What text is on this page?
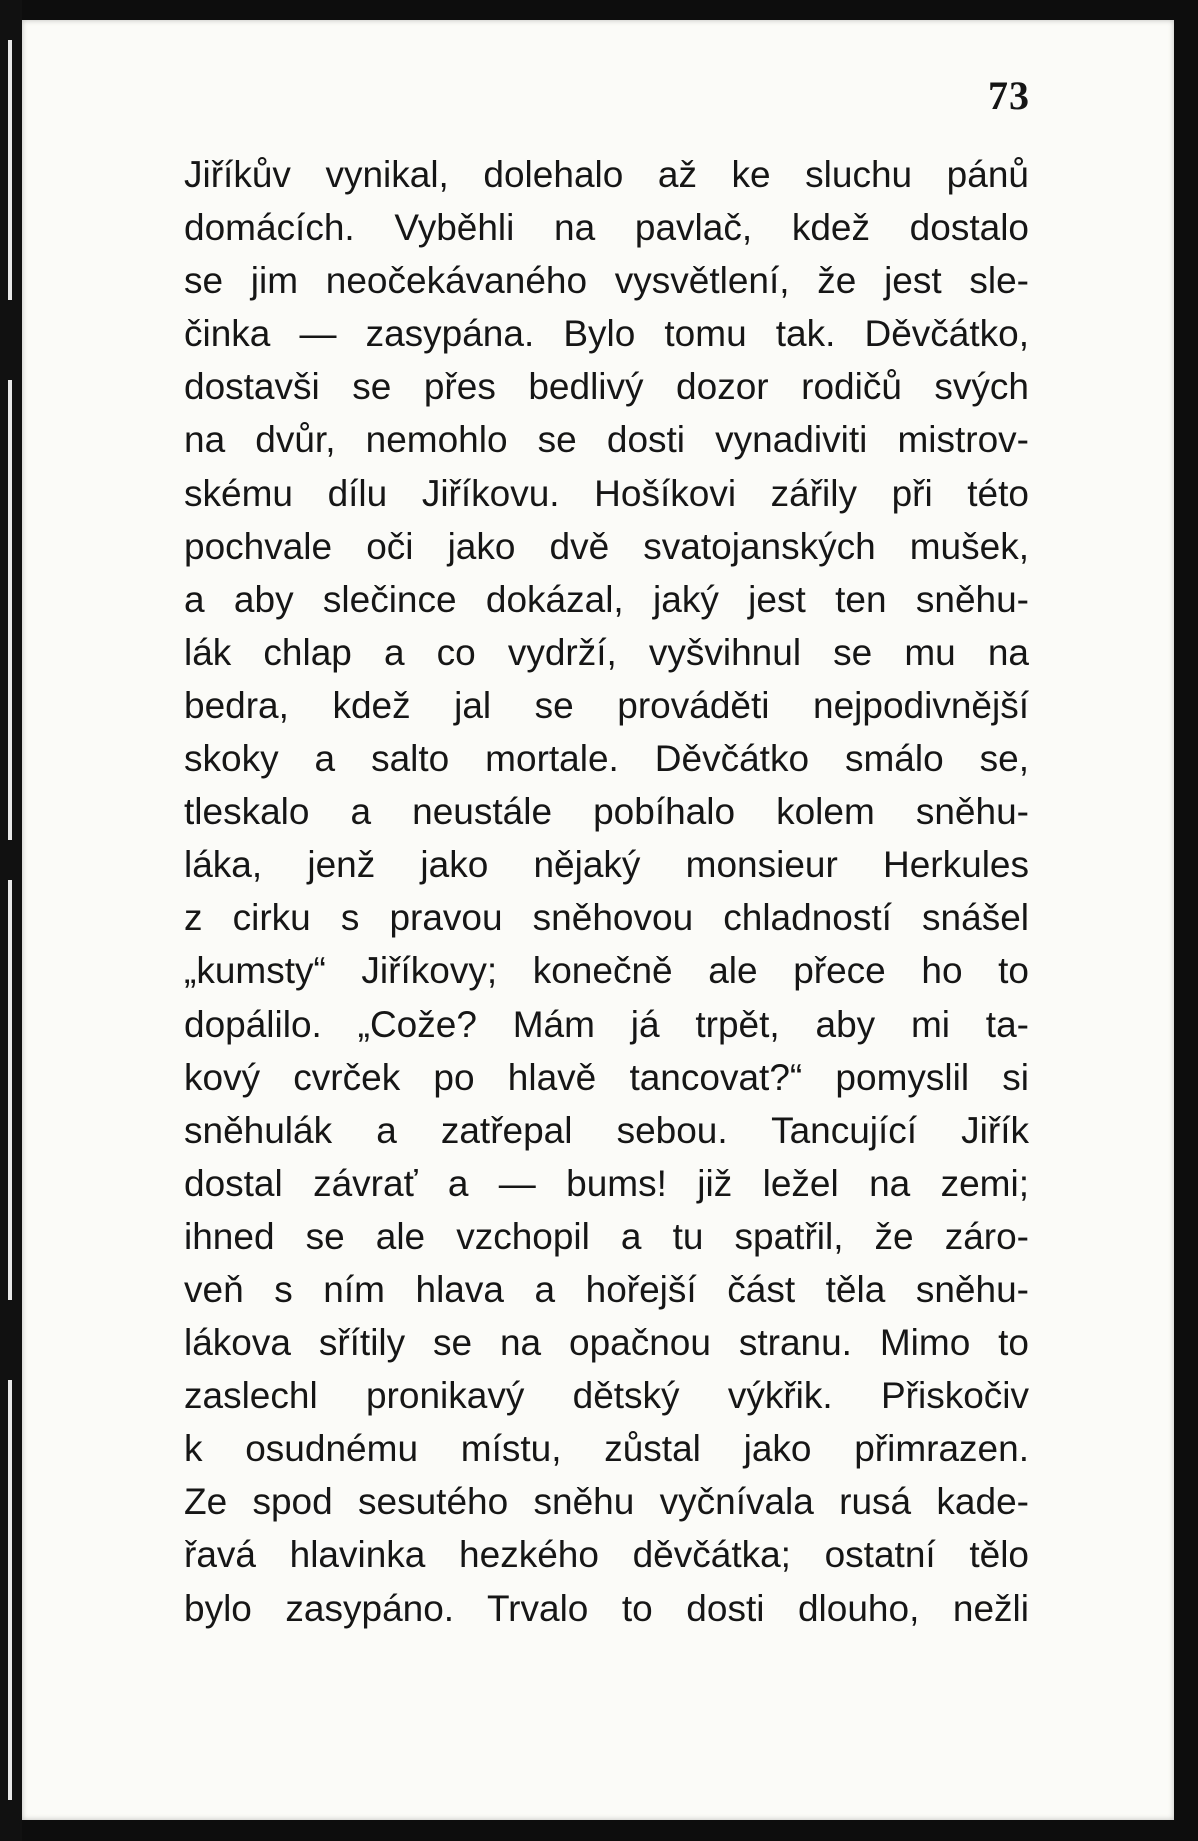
73
Jiříkův vynikal, dolehalo až ke sluchu pánů
domácích. Vyběhli na pavlač, kdež dostalo
se jim neočekávaného vysvětlení, že jest sle-
činka — zasypána. Bylo tomu tak. Děvčátko,
dostavši se přes bedlivý dozor rodičů svých
na dvůr, nemohlo se dosti vynadiviti mistrov-
skému dílu Jiříkovu. Hošíkovi zářily při této
pochvale oči jako dvě svatojanských mušek,
a aby slečince dokázal, jaký jest ten sněhu-
lák chlap a co vydrží, vyšvihnul se mu na
bedra, kdež jal se prováděti nejpodivnější
skoky a salto mortale. Děvčátko smálo se,
tleskalo a neustále pobíhalo kolem sněhu-
láka, jenž jako nějaký monsieur Herkules
z cirku s pravou sněhovou chladností snášel
„kumsty“ Jiříkovy; konečně ale přece ho to
dopálilo. „Cože? Mám já trpět, aby mi ta-
kový cvrček po hlavě tancovat?“ pomyslil si
sněhulák a zatřepal sebou. Tancující Jiřík
dostal závrať a — bums! již ležel na zemi;
ihned se ale vzchopil a tu spatřil, že záro-
veň s ním hlava a hořejší část těla sněhu-
lákova sřítily se na opačnou stranu. Mimo to
zaslechl pronikavý dětský výkřik. Přiskočiv
k osudnému místu, zůstal jako přimrazen.
Ze spod sesutého sněhu vyčnívala rusá kade-
řavá hlavinka hezkého děvčátka; ostatní tělo
bylo zasypáno. Trvalo to dosti dlouho, nežli
